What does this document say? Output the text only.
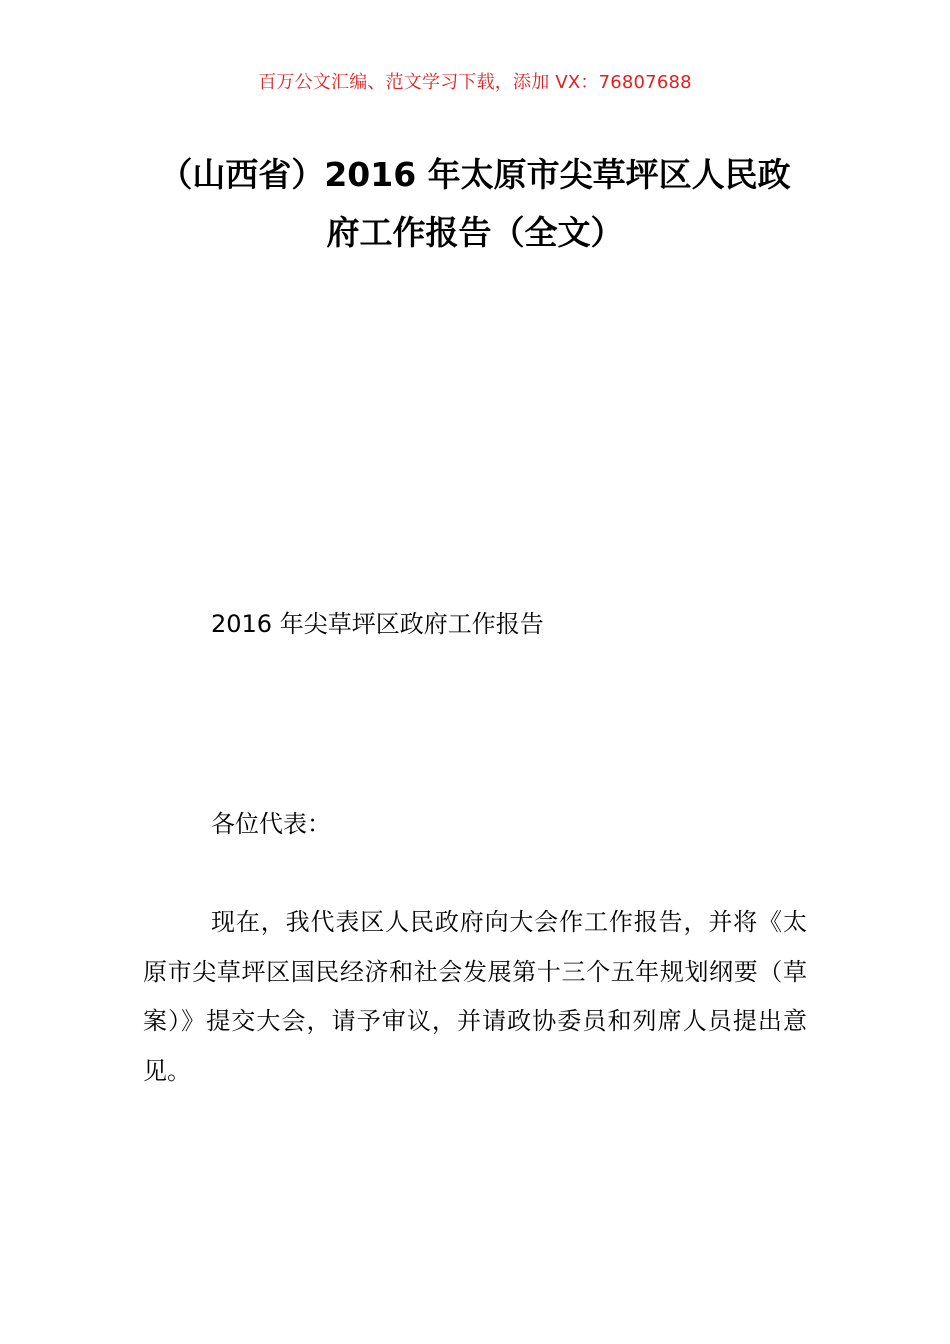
百万公文汇编、范文学习下载，添加 VX：76807688
（山西省）2016 年太原市尖草坪区人民政
府工作报告（全文）
2016 年尖草坪区政府工作报告
各位代表：

现在，我代表区人民政府向大会作工作报告，并将《太原市尖草坪区国民经济和社会发展第十三个五年规划纲要（草案）》提交大会，请予审议，并请政协委员和列席人员提出意见。
